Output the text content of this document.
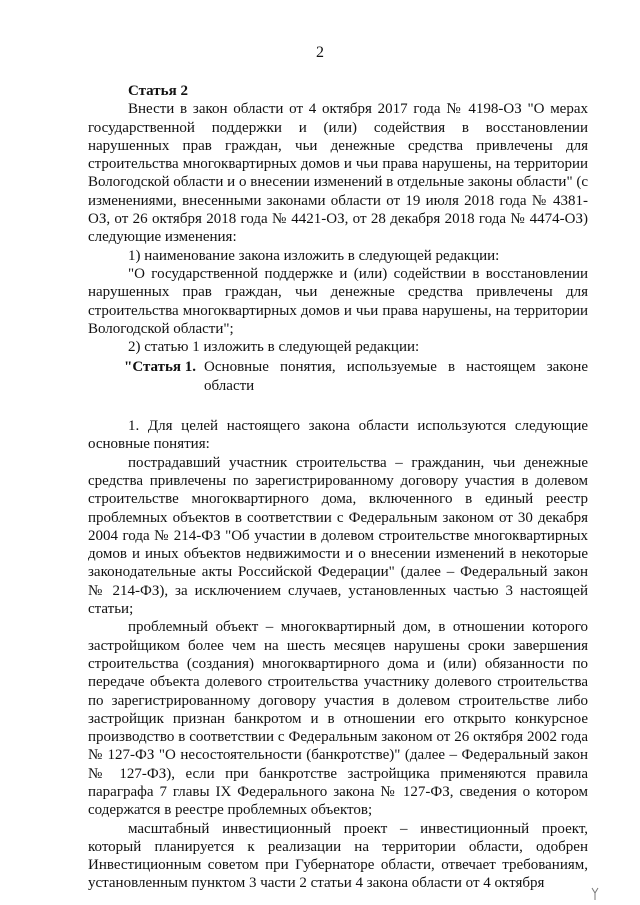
2

Статья 2

Внести в закон области от 4 октября 2017 года № 4198-ОЗ "О мерах государственной поддержки и (или) содействия в восстановлении нарушенных прав граждан, чьи денежные средства привлечены для строительства многоквартирных домов и чьи права нарушены, на территории Вологодской области и о внесении изменений в отдельные законы области" (с изменениями, внесенными законами области от 19 июля 2018 года № 4381-ОЗ, от 26 октября 2018 года № 4421-ОЗ, от 28 декабря 2018 года № 4474-ОЗ) следующие изменения:

1) наименование закона изложить в следующей редакции:

"О государственной поддержке и (или) содействии в восстановлении нарушенных прав граждан, чьи денежные средства привлечены для строительства многоквартирных домов и чьи права нарушены, на территории Вологодской области";

2) статью 1 изложить в следующей редакции:

"Статья 1. Основные понятия, используемые в настоящем законе области

1. Для целей настоящего закона области используются следующие основные понятия:

пострадавший участник строительства – гражданин, чьи денежные средства привлечены по зарегистрированному договору участия в долевом строительстве многоквартирного дома, включенного в единый реестр проблемных объектов в соответствии с Федеральным законом от 30 декабря 2004 года № 214-ФЗ "Об участии в долевом строительстве многоквартирных домов и иных объектов недвижимости и о внесении изменений в некоторые законодательные акты Российской Федерации" (далее – Федеральный закон № 214-ФЗ), за исключением случаев, установленных частью 3 настоящей статьи;

проблемный объект – многоквартирный дом, в отношении которого застройщиком более чем на шесть месяцев нарушены сроки завершения строительства (создания) многоквартирного дома и (или) обязанности по передаче объекта долевого строительства участнику долевого строительства по зарегистрированному договору участия в долевом строительстве либо застройщик признан банкротом и в отношении его открыто конкурсное производство в соответствии с Федеральным законом от 26 октября 2002 года № 127-ФЗ "О несостоятельности (банкротстве)" (далее – Федеральный закон № 127-ФЗ), если при банкротстве застройщика применяются правила параграфа 7 главы IX Федерального закона № 127-ФЗ, сведения о котором содержатся в реестре проблемных объектов;

масштабный инвестиционный проект – инвестиционный проект, который планируется к реализации на территории области, одобрен Инвестиционным советом при Губернаторе области, отвечает требованиям, установленным пунктом 3 части 2 статьи 4 закона области от 4 октября
